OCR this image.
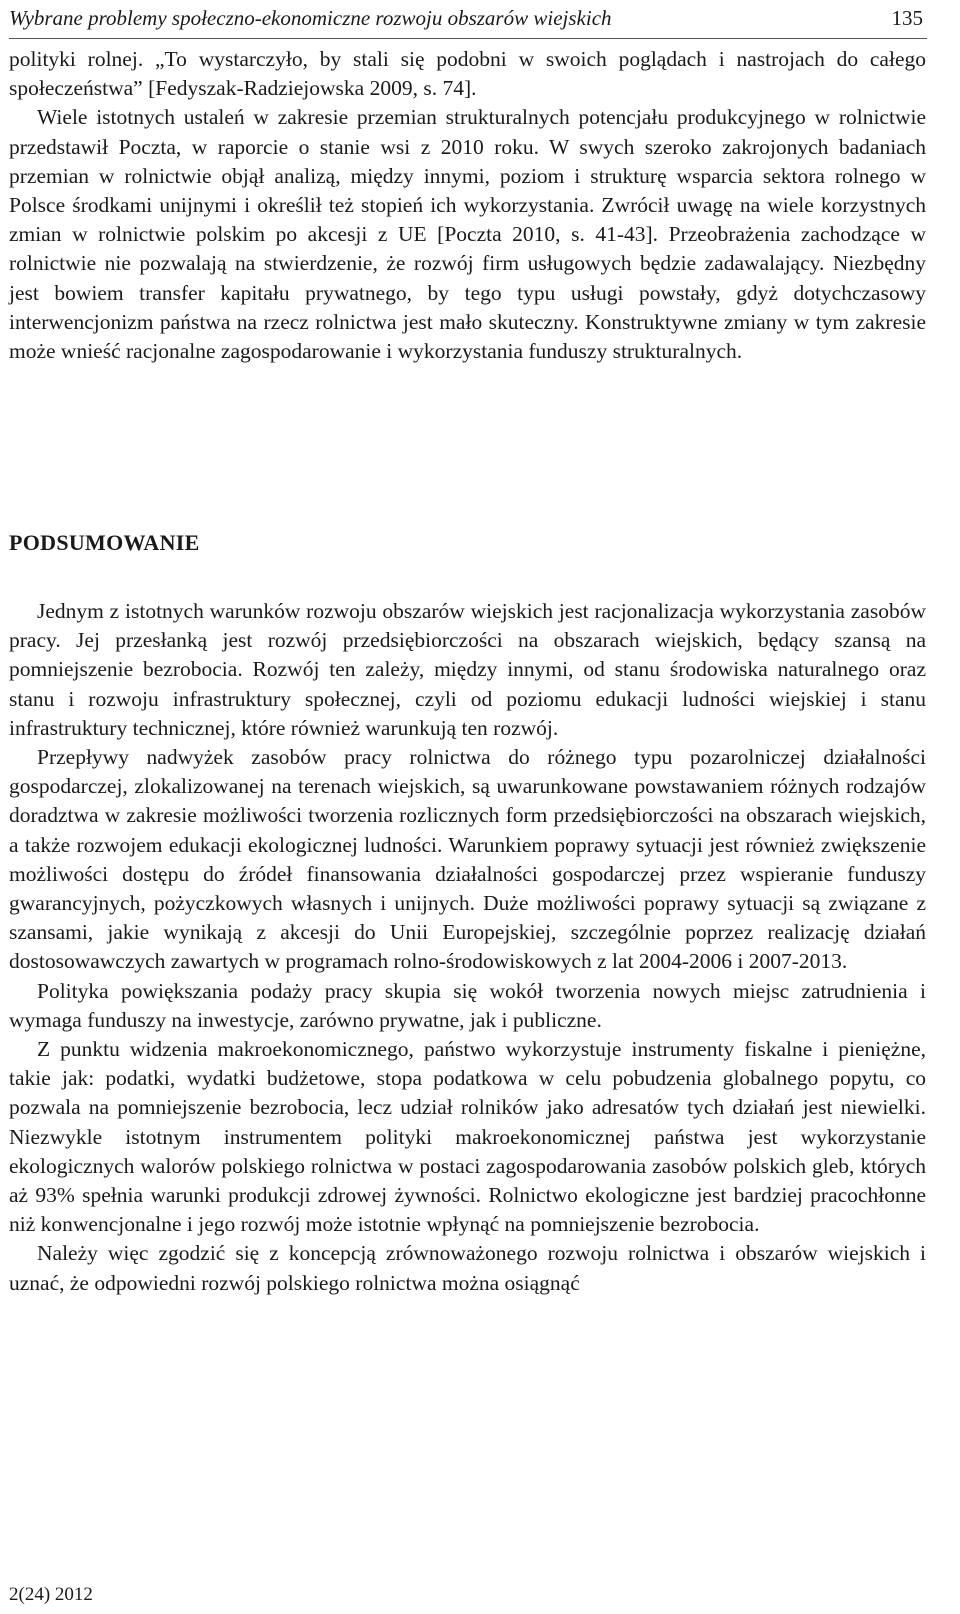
Wybrane problemy społeczno-ekonomiczne rozwoju obszarów wiejskich	135

polityki rolnej. „To wystarczyło, by stali się podobni w swoich poglądach i nastrojach do całego społeczeństwa” [Fedyszak-Radziejowska 2009, s. 74].

Wiele istotnych ustaleń w zakresie przemian strukturalnych potencjału produkcyjnego w rolnictwie przedstawił Poczta, w raporcie o stanie wsi z 2010 roku. W swych szeroko zakrojonych badaniach przemian w rolnictwie objął analizą, między innymi, poziom i strukturę wsparcia sektora rolnego w Polsce środkami unijnymi i określił też stopień ich wykorzystania. Zwrócił uwagę na wiele korzystnych zmian w rolnictwie polskim po akcesji z UE [Poczta 2010, s. 41-43]. Przeobrażenia zachodzące w rolnictwie nie pozwalają na stwierdzenie, że rozwój firm usługowych będzie zadawalający. Niezbędny jest bowiem transfer kapitału prywatnego, by tego typu usługi powstały, gdyż dotychczasowy interwencjonizm państwa na rzecz rolnictwa jest mało skuteczny. Konstruktywne zmiany w tym zakresie może wnieść racjonalne zagospodarowanie i wykorzystania funduszy strukturalnych.

PODSUMOWANIE

Jednym z istotnych warunków rozwoju obszarów wiejskich jest racjonalizacja wykorzystania zasobów pracy. Jej przesłanką jest rozwój przedsiębiorczości na obszarach wiejskich, będący szansą na pomniejszenie bezrobocia. Rozwój ten zależy, między innymi, od stanu środowiska naturalnego oraz stanu i rozwoju infrastruktury społecznej, czyli od poziomu edukacji ludności wiejskiej i stanu infrastruktury technicznej, które również warunkują ten rozwój.

Przepływy nadwyżek zasobów pracy rolnictwa do różnego typu pozarolniczej działalności gospodarczej, zlokalizowanej na terenach wiejskich, są uwarunkowane powstawaniem różnych rodzajów doradztwa w zakresie możliwości tworzenia rozlicznych form przedsiębiorczości na obszarach wiejskich, a także rozwojem edukacji ekologicznej ludności. Warunkiem poprawy sytuacji jest również zwiększenie możliwości dostępu do źródeł finansowania działalności gospodarczej przez wspieranie funduszy gwarancyjnych, pożyczkowych własnych i unijnych. Duże możliwości poprawy sytuacji są związane z szansami, jakie wynikają z akcesji do Unii Europejskiej, szczególnie poprzez realizację działań dostosowawczych zawartych w programach rolno-środowiskowych z lat 2004-2006 i 2007-2013.

Polityka powiększania podaży pracy skupia się wokół tworzenia nowych miejsc zatrudnienia i wymaga funduszy na inwestycje, zarówno prywatne, jak i publiczne.

Z punktu widzenia makroekonomicznego, państwo wykorzystuje instrumenty fiskalne i pieniężne, takie jak: podatki, wydatki budżetowe, stopa podatkowa w celu pobudzenia globalnego popytu, co pozwala na pomniejszenie bezrobocia, lecz udział rolników jako adresatów tych działań jest niewielki. Niezwykle istotnym instrumentem polityki makroekonomicznej państwa jest wykorzystanie ekologicznych walorów polskiego rolnictwa w postaci zagospodarowania zasobów polskich gleb, których aż 93% spełnia warunki produkcji zdrowej żywności. Rolnictwo ekologiczne jest bardziej pracochłonne niż konwencjonalne i jego rozwój może istotnie wpłynąć na pomniejszenie bezrobocia.

Należy więc zgodzić się z koncepcją zrównoważonego rozwoju rolnictwa i obszarów wiejskich i uznać, że odpowiedni rozwój polskiego rolnictwa można osiągnąć

2(24) 2012
